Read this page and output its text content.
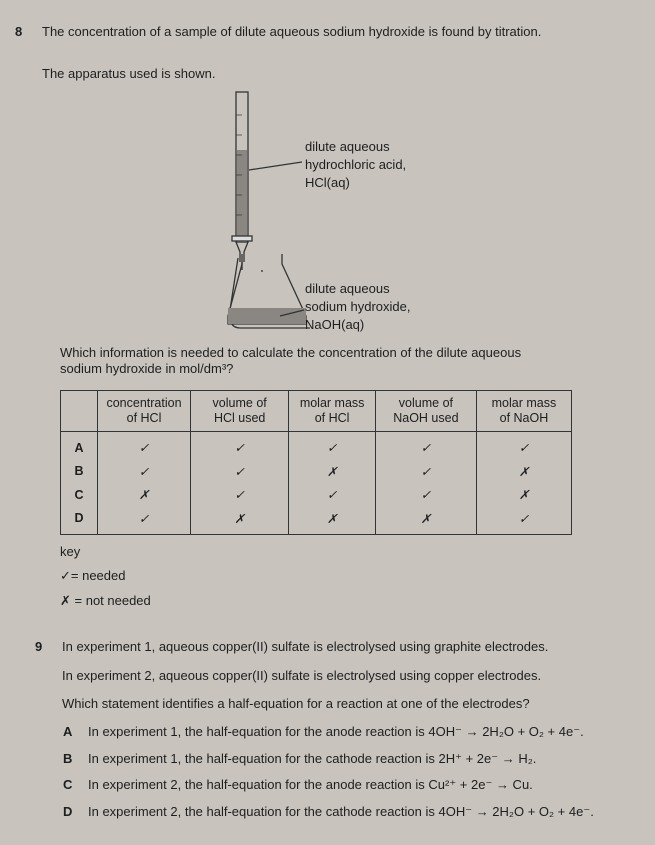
8 The concentration of a sample of dilute aqueous sodium hydroxide is found by titration.
The apparatus used is shown.
dilute aqueous
hydrochloric acid,
HCl(aq)
dilute aqueous
sodium hydroxide,
NaOH(aq)
Which information is needed to calculate the concentration of the dilute aqueous
sodium hydroxide in mol/dm³?
	concentration of HCl	volume of HCl used	molar mass of HCl	volume of NaOH used	molar mass of NaOH
A	✓	✓	✓	✓	✓
B	✓	✓	✗	✓	✗
C	✗	✓	✓	✓	✗
D	✓	✗	✗	✗	✓
key
✓= needed
✗ = not needed
9 In experiment 1, aqueous copper(II) sulfate is electrolysed using graphite electrodes.
In experiment 2, aqueous copper(II) sulfate is electrolysed using copper electrodes.
Which statement identifies a half-equation for a reaction at one of the electrodes?
A In experiment 1, the half-equation for the anode reaction is 4OH⁻ → 2H₂O + O₂ + 4e⁻.
B In experiment 1, the half-equation for the cathode reaction is 2H⁺ + 2e⁻ → H₂.
C In experiment 2, the half-equation for the anode reaction is Cu²⁺ + 2e⁻ → Cu.
D In experiment 2, the half-equation for the cathode reaction is 4OH⁻ → 2H₂O + O₂ + 4e⁻.
